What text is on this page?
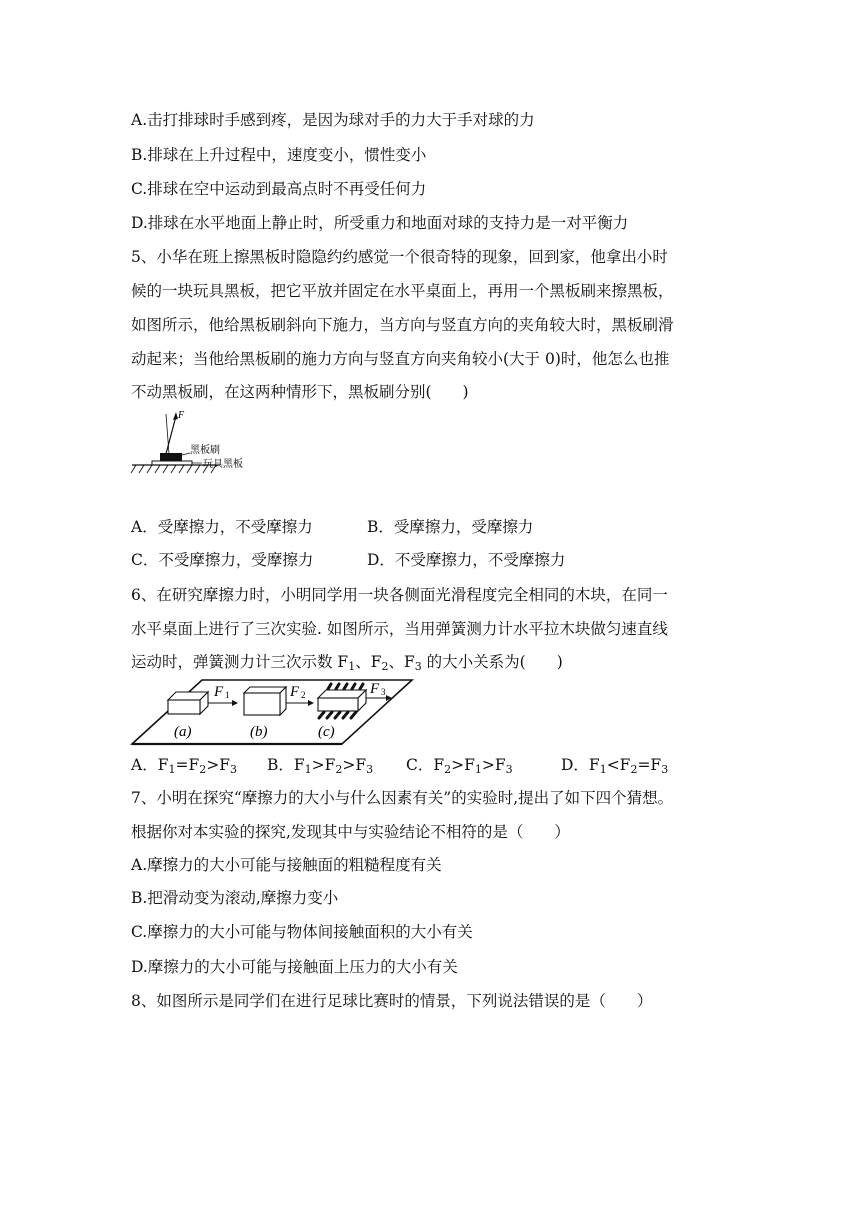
A.击打排球时手感到疼，是因为球对手的力大于手对球的力
B.排球在上升过程中，速度变小，惯性变小
C.排球在空中运动到最高点时不再受任何力
D.排球在水平地面上静止时，所受重力和地面对球的支持力是一对平衡力
5、小华在班上擦黑板时隐隐约约感觉一个很奇特的现象，回到家，他拿出小时
候的一块玩具黑板，把它平放并固定在水平桌面上，再用一个黑板刷来擦黑板，
如图所示，他给黑板刷斜向下施力，当方向与竖直方向的夹角较大时，黑板刷滑
动起来；当他给黑板刷的施力方向与竖直方向夹角较小(大于 0)时，他怎么也推
不动黑板刷，在这两种情形下，黑板刷分别(　　)
F
黑板刷
玩具黑板
A．受摩擦力，不受摩擦力	B．受摩擦力，受摩擦力
C．不受摩擦力，受摩擦力	D．不受摩擦力，不受摩擦力
6、在研究摩擦力时，小明同学用一块各侧面光滑程度完全相同的木块，在同一
水平桌面上进行了三次实验. 如图所示，当用弹簧测力计水平拉木块做匀速直线
运动时，弹簧测力计三次示数 $F_1$、$F_2$、$F_3$ 的大小关系为(　　)
F 1	F 2	F 3
(a)	(b)	(c)
A．$F_1=F_2>F_3$ B．$F_1>F_2>F_3$ C．$F_2>F_1>F_3$	D．$F_1<F_2=F_3$
7、小明在探究“摩擦力的大小与什么因素有关”的实验时,提出了如下四个猜想。
根据你对本实验的探究,发现其中与实验结论不相符的是（　　）
A.摩擦力的大小可能与接触面的粗糙程度有关
B.把滑动变为滚动,摩擦力变小
C.摩擦力的大小可能与物体间接触面积的大小有关
D.摩擦力的大小可能与接触面上压力的大小有关
8、如图所示是同学们在进行足球比赛时的情景，下列说法错误的是（　　）
